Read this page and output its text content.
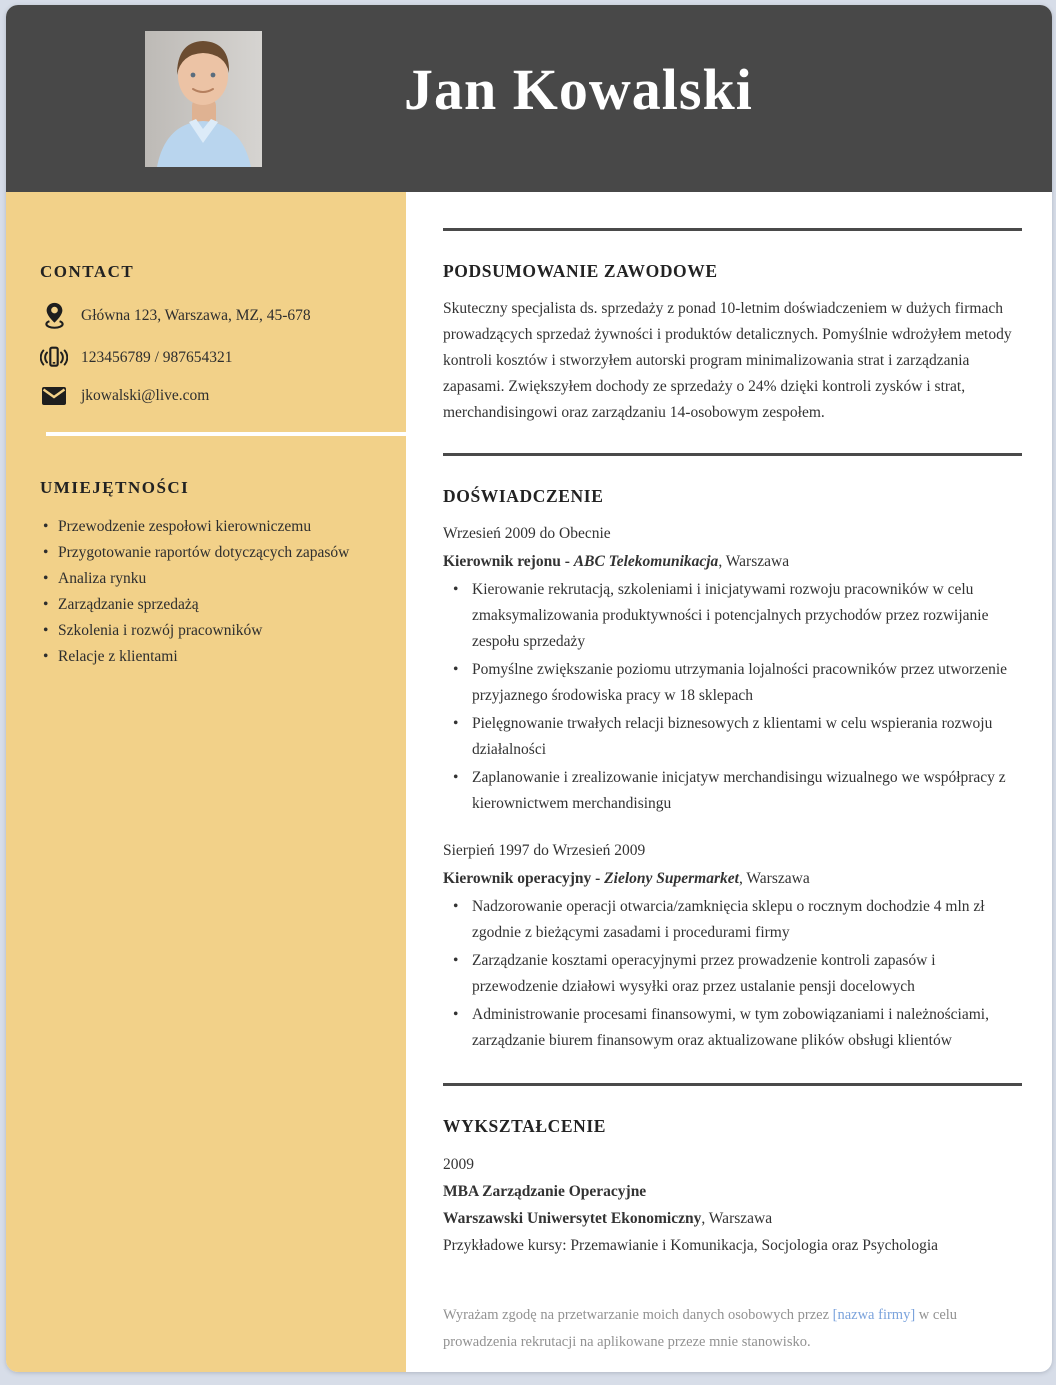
Jan Kowalski
CONTACT
Główna 123, Warszawa, MZ, 45-678
123456789 / 987654321
jkowalski@live.com
UMIEJĘTNOŚCI
• Przewodzenie zespołowi kierowniczemu
• Przygotowanie raportów dotyczących zapasów
• Analiza rynku
• Zarządzanie sprzedażą
• Szkolenia i rozwój pracowników
• Relacje z klientami
PODSUMOWANIE ZAWODOWE

Skuteczny specjalista ds. sprzedaży z ponad 10-letnim doświadczeniem w dużych firmach prowadzących sprzedaż żywności i produktów detalicznych. Pomyślnie wdrożyłem metody kontroli kosztów i stworzyłem autorski program minimalizowania strat i zarządzania zapasami. Zwiększyłem dochody ze sprzedaży o 24% dzięki kontroli zysków i strat, merchandisingowi oraz zarządzaniu 14-osobowym zespołem.

DOŚWIADCZENIE

Wrzesień 2009 do Obecnie

Kierownik rejonu - ABC Telekomunikacja, Warszawa

• Kierowanie rekrutacją, szkoleniami i inicjatywami rozwoju pracowników w celu zmaksymalizowania produktywności i potencjalnych przychodów przez rozwijanie zespołu sprzedaży
• Pomyślne zwiększanie poziomu utrzymania lojalności pracowników przez utworzenie przyjaznego środowiska pracy w 18 sklepach
• Pielęgnowanie trwałych relacji biznesowych z klientami w celu wspierania rozwoju działalności
• Zaplanowanie i zrealizowanie inicjatyw merchandisingu wizualnego we współpracy z kierownictwem merchandisingu

Sierpień 1997 do Wrzesień 2009

Kierownik operacyjny - Zielony Supermarket, Warszawa

• Nadzorowanie operacji otwarcia/zamknięcia sklepu o rocznym dochodzie 4 mln zł zgodnie z bieżącymi zasadami i procedurami firmy
• Zarządzanie kosztami operacyjnymi przez prowadzenie kontroli zapasów i przewodzenie działowi wysyłki oraz przez ustalanie pensji docelowych
• Administrowanie procesami finansowymi, w tym zobowiązaniami i należnościami, zarządzanie biurem finansowym oraz aktualizowane plików obsługi klientów
WYKSZTAŁCENIE

2009

MBA Zarządzanie Operacyjne

Warszawski Uniwersytet Ekonomiczny, Warszawa

Przykładowe kursy: Przemawianie i Komunikacja, Socjologia oraz Psychologia

Wyrażam zgodę na przetwarzanie moich danych osobowych przez [nazwa firmy] w celu prowadzenia rekrutacji na aplikowane przeze mnie stanowisko.
